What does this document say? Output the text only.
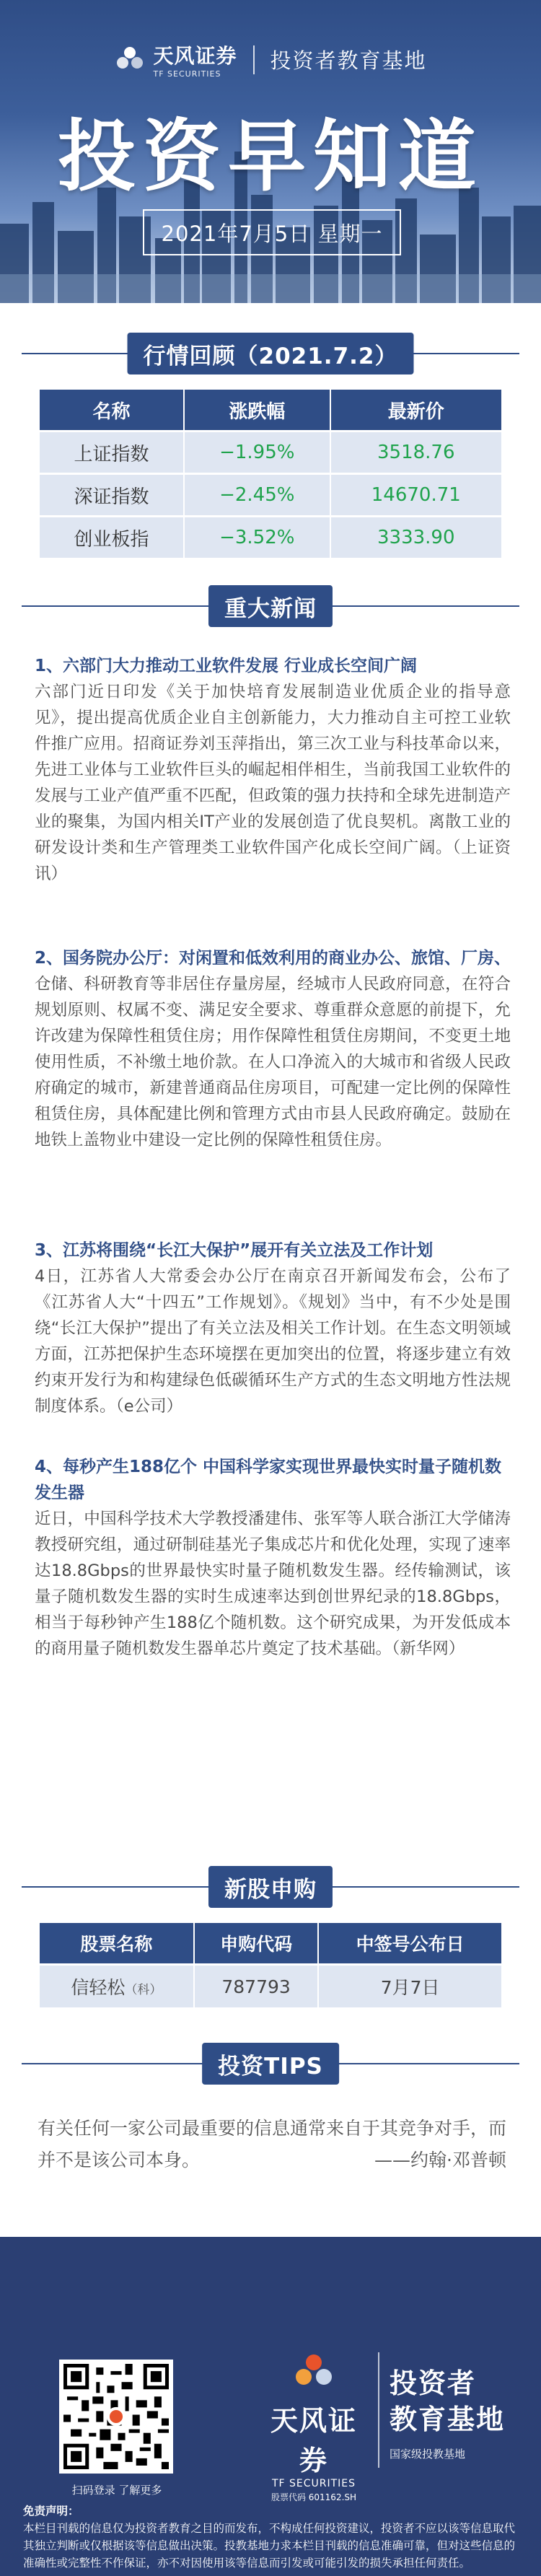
天风证券
TF SECURITIES
投资者教育基地
投资早知道
2021年7月5日 星期一
行情回顾（2021.7.2）
名称	涨跌幅	最新价
上证指数	−1.95%	3518.76
深证指数	−2.45%	14670.71
创业板指	−3.52%	3333.90
重大新闻
1、六部门大力推动工业软件发展 行业成长空间广阔

六部门近日印发《关于加快培育发展制造业优质企业的指导意见》，提出提高优质企业自主创新能力，大力推动自主可控工业软件推广应用。招商证券刘玉萍指出，第三次工业与科技革命以来，先进工业体与工业软件巨头的崛起相伴相生，当前我国工业软件的发展与工业产值严重不匹配，但政策的强力扶持和全球先进制造产业的聚集，为国内相关IT产业的发展创造了优良契机。离散工业的研发设计类和生产管理类工业软件国产化成长空间广阔。（上证资讯）

2、国务院办公厅：对闲置和低效利用的商业办公、旅馆、厂房、

仓储、科研教育等非居住存量房屋，经城市人民政府同意，在符合规划原则、权属不变、满足安全要求、尊重群众意愿的前提下，允许改建为保障性租赁住房；用作保障性租赁住房期间，不变更土地使用性质，不补缴土地价款。在人口净流入的大城市和省级人民政府确定的城市，新建普通商品住房项目，可配建一定比例的保障性租赁住房，具体配建比例和管理方式由市县人民政府确定。鼓励在地铁上盖物业中建设一定比例的保障性租赁住房。

3、江苏将围绕“长江大保护”展开有关立法及工作计划

4日，江苏省人大常委会办公厅在南京召开新闻发布会，公布了《江苏省人大“十四五”工作规划》。《规划》当中，有不少处是围绕“长江大保护”提出了有关立法及相关工作计划。在生态文明领域方面，江苏把保护生态环境摆在更加突出的位置，将逐步建立有效约束开发行为和构建绿色低碳循环生产方式的生态文明地方性法规制度体系。（e公司）

4、每秒产生188亿个 中国科学家实现世界最快实时量子随机数发生器

近日，中国科学技术大学教授潘建伟、张军等人联合浙江大学储涛教授研究组，通过研制硅基光子集成芯片和优化处理，实现了速率达18.8Gbps的世界最快实时量子随机数发生器。经传输测试，该量子随机数发生器的实时生成速率达到创世界纪录的18.8Gbps，相当于每秒钟产生188亿个随机数。这个研究成果，为开发低成本的商用量子随机数发生器单芯片奠定了技术基础。（新华网）

新股申购
股票名称	申购代码	中签号公布日
信轻松（科）	787793	7月7日
投资TIPS
有关任何一家公司最重要的信息通常来自于其竞争对手，而并不是该公司本身。	——约翰·邓普顿
扫码登录 了解更多
天风证券
TF SECURITIES
股票代码 601162.SH
投资者
教育基地
国家级投教基地
免责声明：
本栏目刊载的信息仅为投资者教育之目的而发布，不构成任何投资建议，投资者不应以该等信息取代其独立判断或仅根据该等信息做出决策。投教基地力求本栏目刊载的信息准确可靠，但对这些信息的准确性或完整性不作保证，亦不对因使用该等信息而引发或可能引发的损失承担任何责任。
